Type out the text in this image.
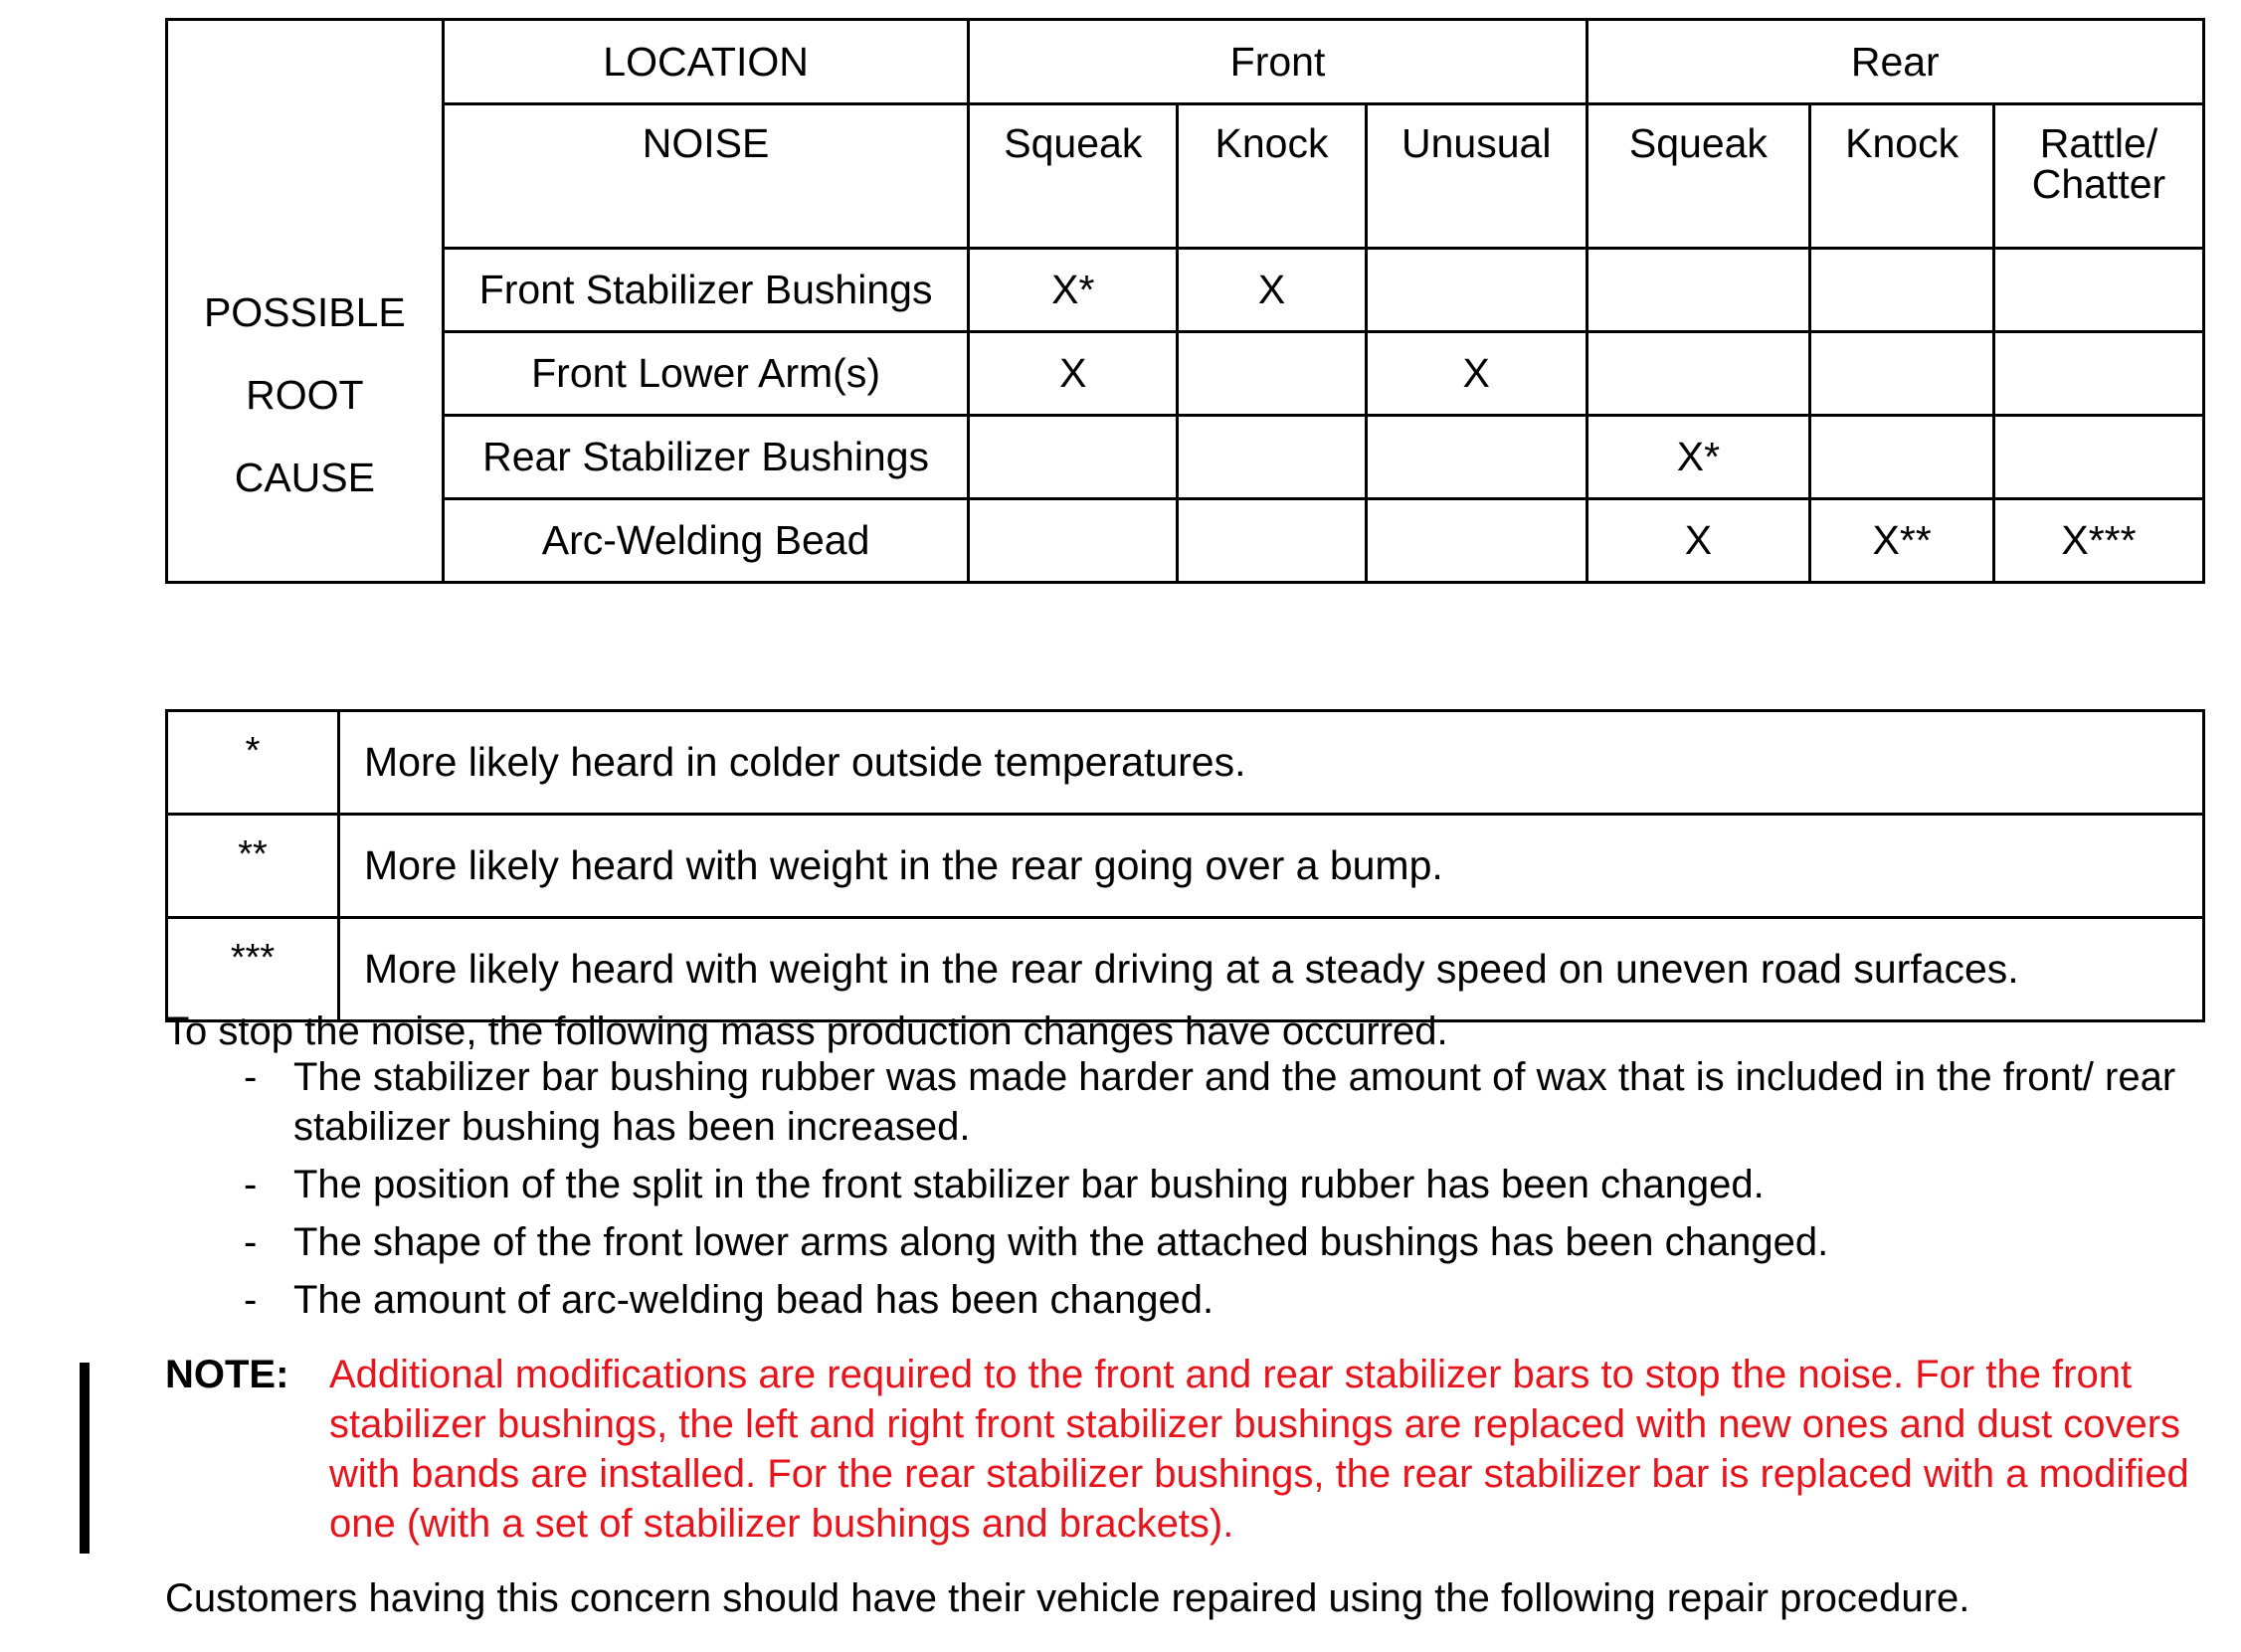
POSSIBLE
ROOT
CAUSE	LOCATION	Front			Rear		
	NOISE	Squeak	Knock	Unusual	Squeak	Knock	Rattle/ Chatter
	Front Stabilizer Bushings	X*	X				
	Front Lower Arm(s)	X		X			
	Rear Stabilizer Bushings				X*		
	Arc-Welding Bead				X	X**	X***
*	More likely heard in colder outside temperatures.
**	More likely heard with weight in the rear going over a bump.
***	More likely heard with weight in the rear driving at a steady speed on uneven road surfaces.

To stop the noise, the following mass production changes have occurred.

- The stabilizer bar bushing rubber was made harder and the amount of wax that is included in the front/ rear stabilizer bushing has been increased.
- The position of the split in the front stabilizer bar bushing rubber has been changed.
- The shape of the front lower arms along with the attached bushings has been changed.
- The amount of arc-welding bead has been changed.
NOTE: Additional modifications are required to the front and rear stabilizer bars to stop the noise. For the front stabilizer bushings, the left and right front stabilizer bushings are replaced with new ones and dust covers with bands are installed. For the rear stabilizer bushings, the rear stabilizer bar is replaced with a modified one (with a set of stabilizer bushings and brackets).

Customers having this concern should have their vehicle repaired using the following repair procedure.
